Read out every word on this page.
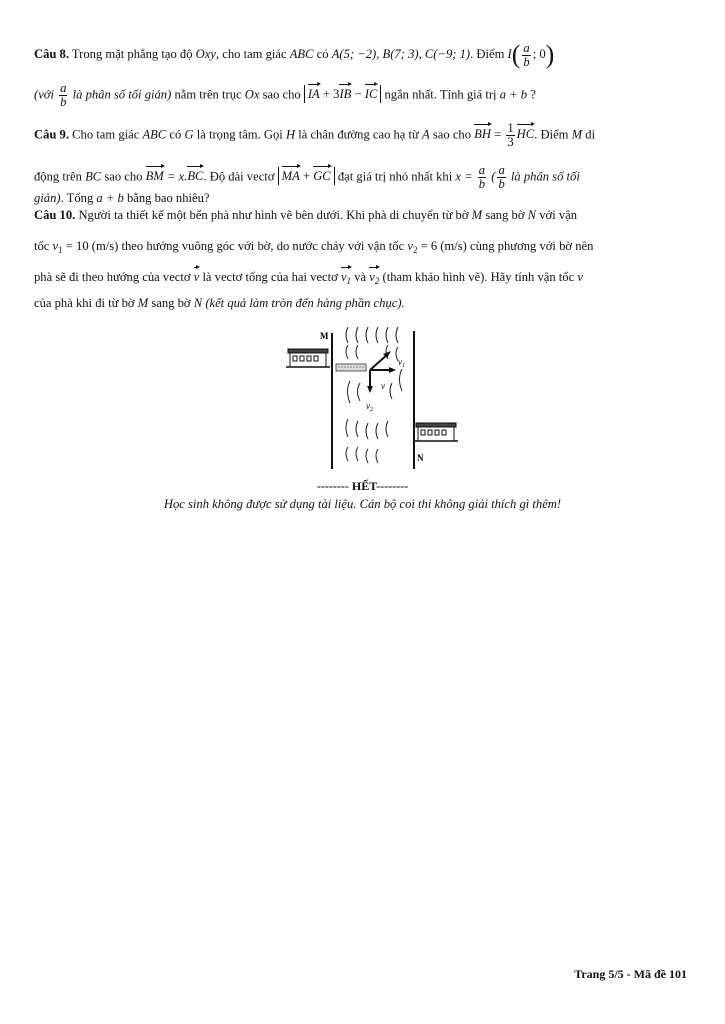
Câu 8. Trong mặt phẳng tạo độ Oxy, cho tam giác ABC có A(5; −2), B(7; 3), C(−9; 1). Điểm $I( \frac{a}{b}$ ; 0)
(với $\frac{a}{b}$ là phân số tối giản) nằm trên trục Ox sao cho IA + 3IB − IC ngắn nhất. Tính giá trị a + b ?
Câu 9. Cho tam giác ABC có G là trọng tâm. Gọi H là chân đường cao hạ từ A sao cho BH = $\frac{1}{3}$ HC. Điểm M di
động trên BC sao cho BM = x.BC. Độ dài vectơ MA + GC đạt giá trị nhỏ nhất khi $x = \frac{a}{b}$ ( $\frac{a}{b}$ là phân số tối
giản). Tổng a + b bằng bao nhiêu?
Câu 10. Người ta thiết kế một bến phà như hình vẽ bên dưới. Khi phà di chuyển từ bờ M sang bờ N với vận
tốc $v_1 = 10$ (m/s) theo hướng vuông góc với bờ, do nước chảy với vận tốc $v_2 = 6$ (m/s) cùng phương với bờ nên
phà sẽ đi theo hướng của vectơ v là vectơ tổng của hai vectơ $v_1$ và $v_2$ (tham khảo hình vẽ). Hãy tính vận tốc v
của phà khi đi từ bờ M sang bờ N (kết quả làm tròn đến hàng phần chục).
M
N
$v_1$
v
$v_2$
-------- HẾT--------
Học sinh không được sử dụng tài liệu. Cán bộ coi thi không giải thích gì thêm!
Trang 5/5 - Mã đề 101
